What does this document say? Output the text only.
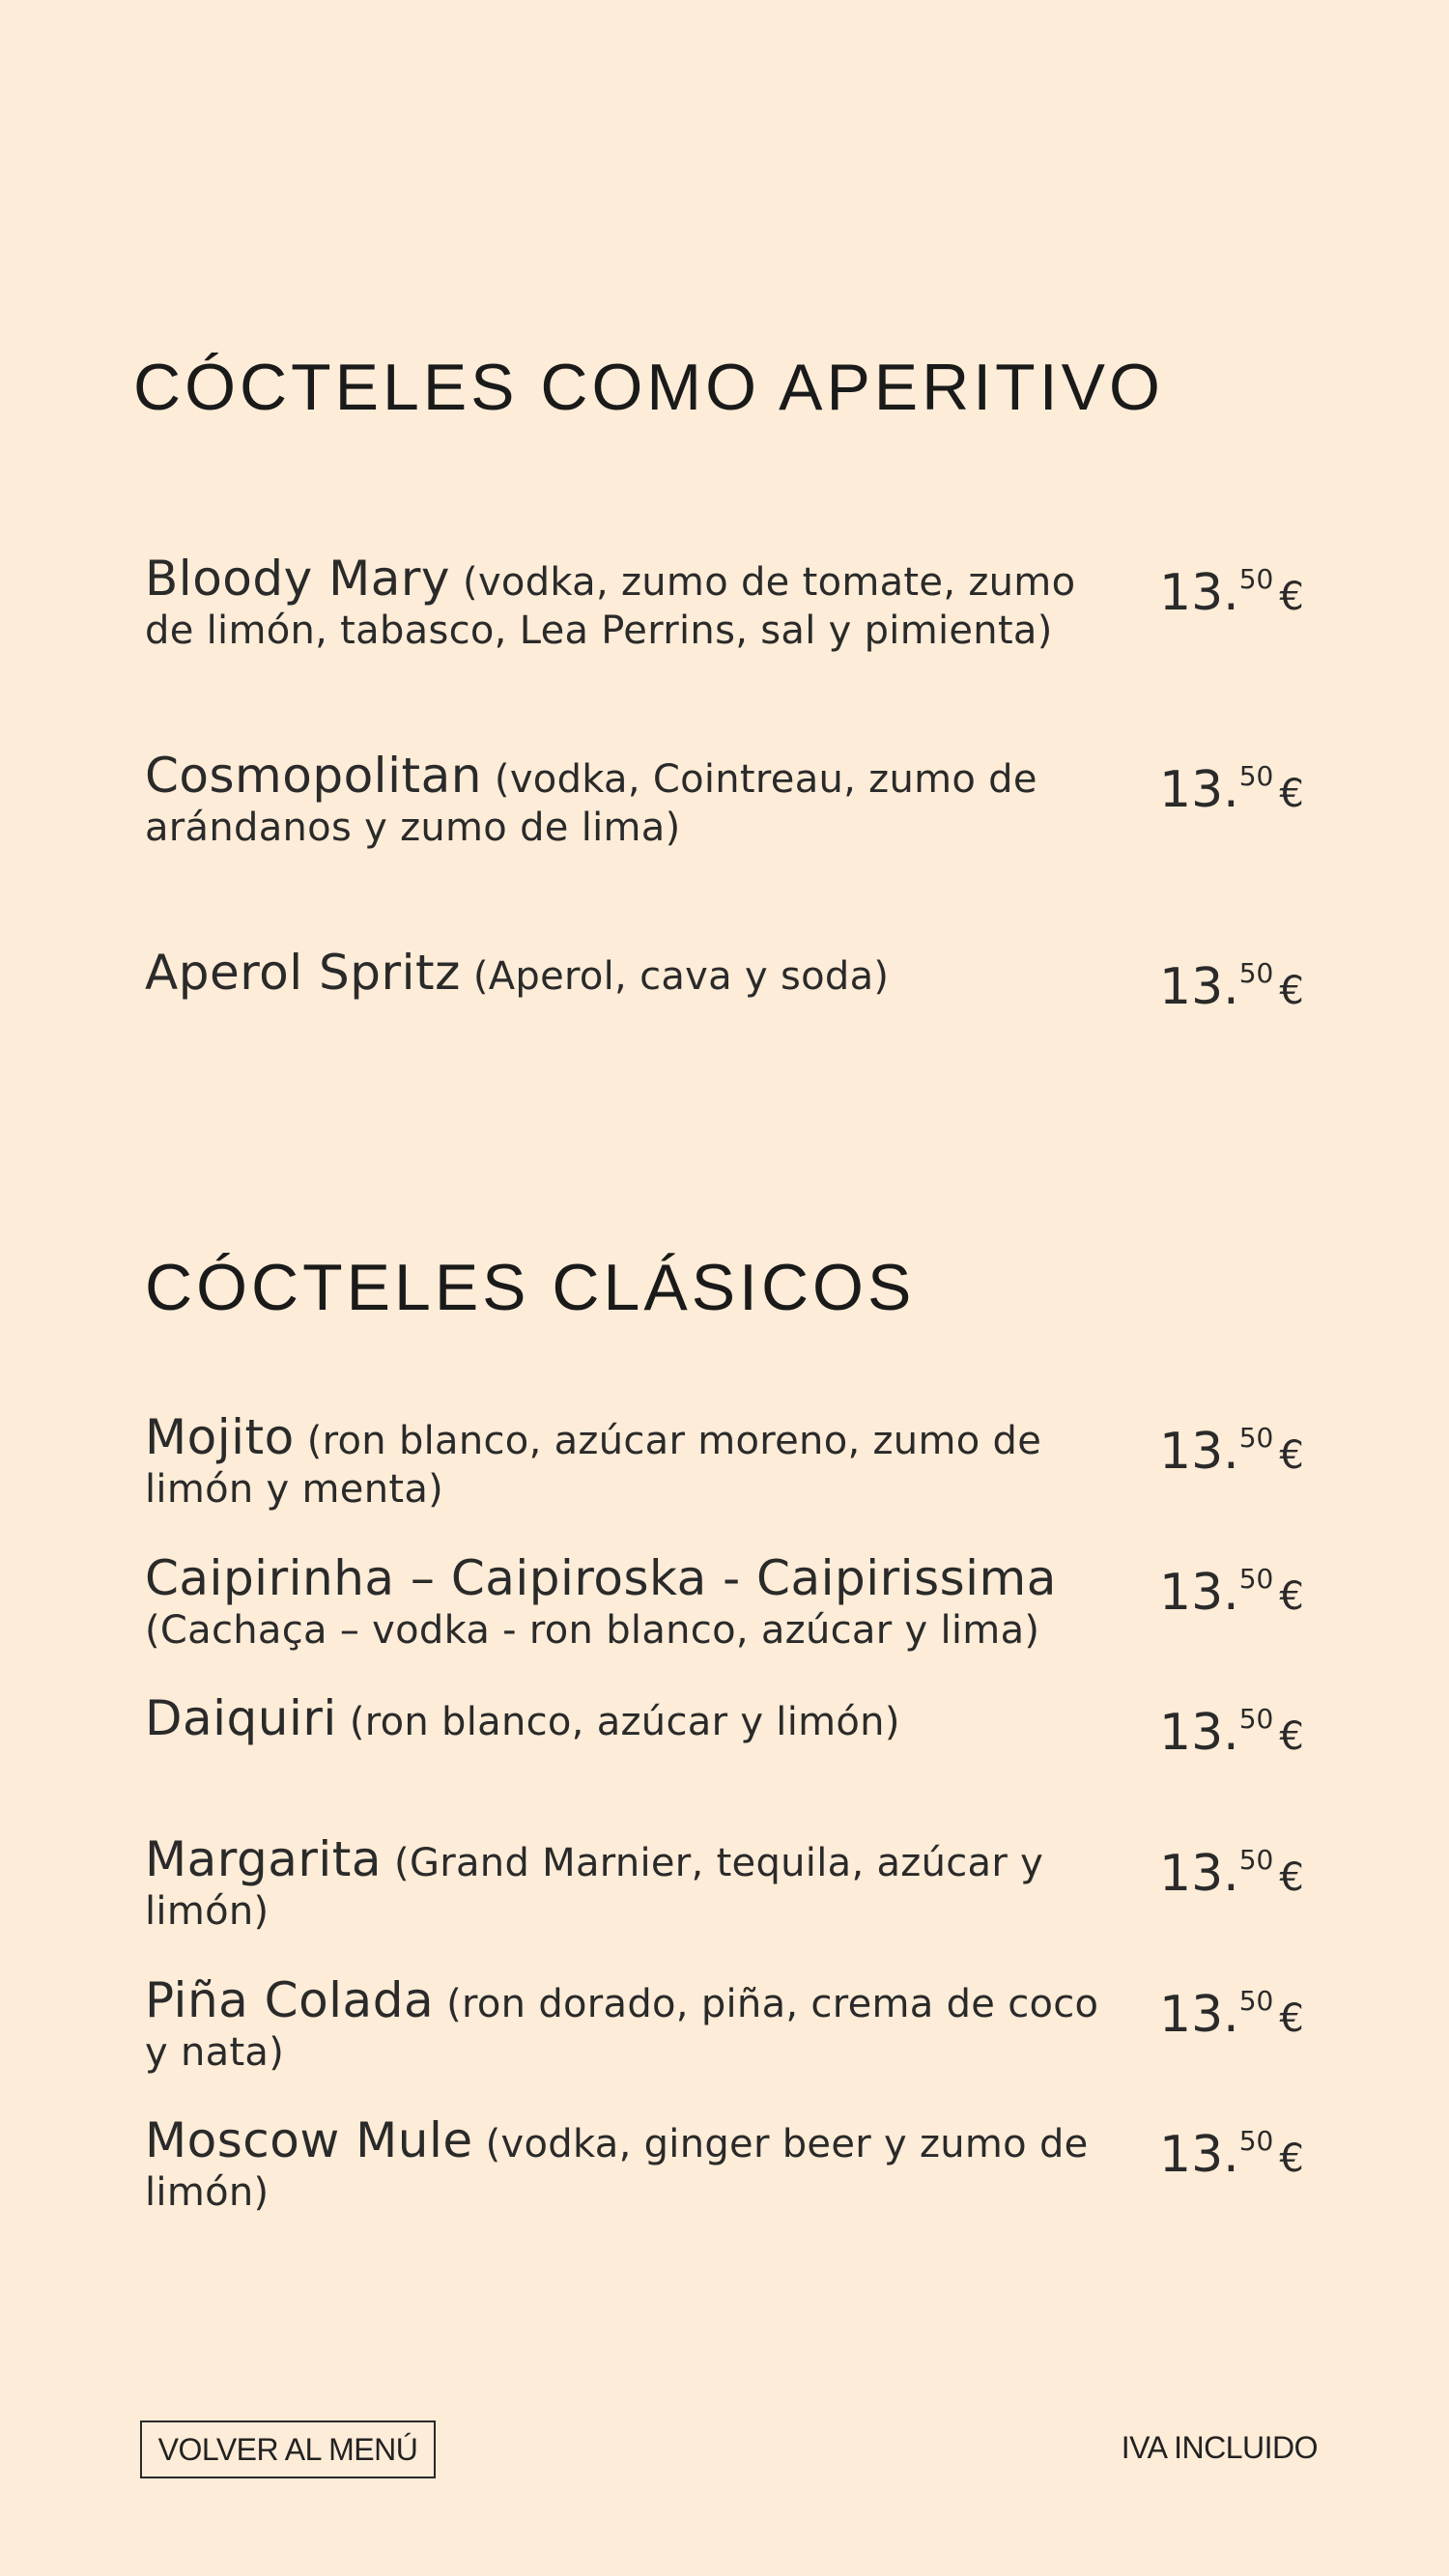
CÓCTELES COMO APERITIVO
Bloody Mary (vodka, zumo de tomate, zumo de limón, tabasco, Lea Perrins, sal y pimienta)
13.50 €
Cosmopolitan (vodka, Cointreau, zumo de arándanos y zumo de lima)
13.50 €
Aperol Spritz (Aperol, cava y soda)	13.50 €
CÓCTELES CLÁSICOS
Mojito (ron blanco, azúcar moreno, zumo de limón y menta)
13.50 €
Caipirinha – Caipiroska - Caipirissima
(Cachaça – vodka - ron blanco, azúcar y lima)
13.50 €
Daiquiri (ron blanco, azúcar y limón)	13.50 €
Margarita (Grand Marnier, tequila, azúcar y limón)
13.50 €
Piña Colada (ron dorado, piña, crema de coco y nata)
13.50 €
Moscow Mule (vodka, ginger beer y zumo de limón)
13.50 €
VOLVER AL MENÚ	IVA INCLUIDO
